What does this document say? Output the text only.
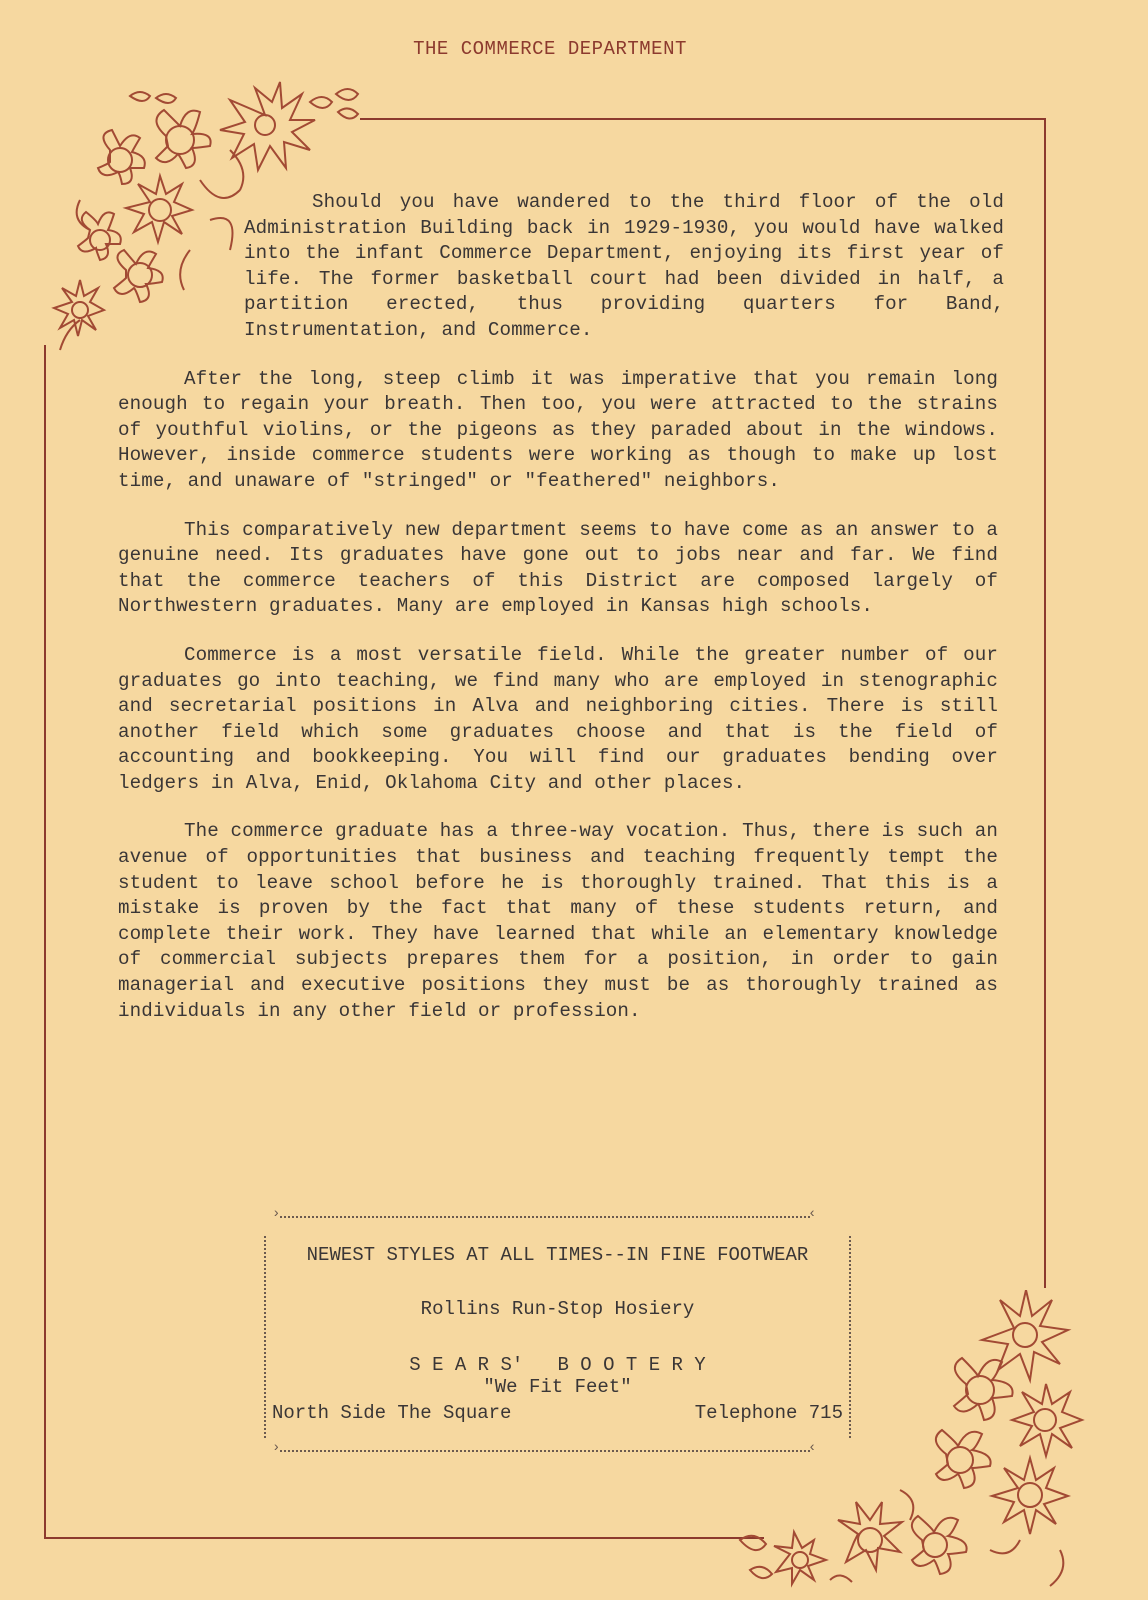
THE COMMERCE DEPARTMENT

Should you have wandered to the third floor of the old Administration Building back in 1929-1930, you would have walked into the infant Commerce Department, enjoying its first year of life. The former basketball court had been divided in half, a partition erected, thus providing quarters for Band, Instrumentation, and Commerce.

After the long, steep climb it was imperative that you remain long enough to regain your breath. Then too, you were attracted to the strains of youthful violins, or the pigeons as they paraded about in the windows. However, inside commerce students were working as though to make up lost time, and unaware of "stringed" or "feathered" neighbors.

This comparatively new department seems to have come as an answer to a genuine need. Its graduates have gone out to jobs near and far. We find that the commerce teachers of this District are composed largely of Northwestern graduates. Many are employed in Kansas high schools.

Commerce is a most versatile field. While the greater number of our graduates go into teaching, we find many who are employed in stenographic and secretarial positions in Alva and neighboring cities. There is still another field which some graduates choose and that is the field of accounting and bookkeeping. You will find our graduates bending over ledgers in Alva, Enid, Oklahoma City and other places.

The commerce graduate has a three-way vocation. Thus, there is such an avenue of opportunities that business and teaching frequently tempt the student to leave school before he is thoroughly trained. That this is a mistake is proven by the fact that many of these students return, and complete their work. They have learned that while an elementary knowledge of commercial subjects prepares them for a position, in order to gain managerial and executive positions they must be as thoroughly trained as individuals in any other field or profession.

›	‹
NEWEST STYLES AT ALL TIMES--IN FINE FOOTWEAR
Rollins Run-Stop Hosiery
S E A R S'   B O O T E R Y
"We Fit Feet"
North Side The Square	Telephone 715
›	‹
